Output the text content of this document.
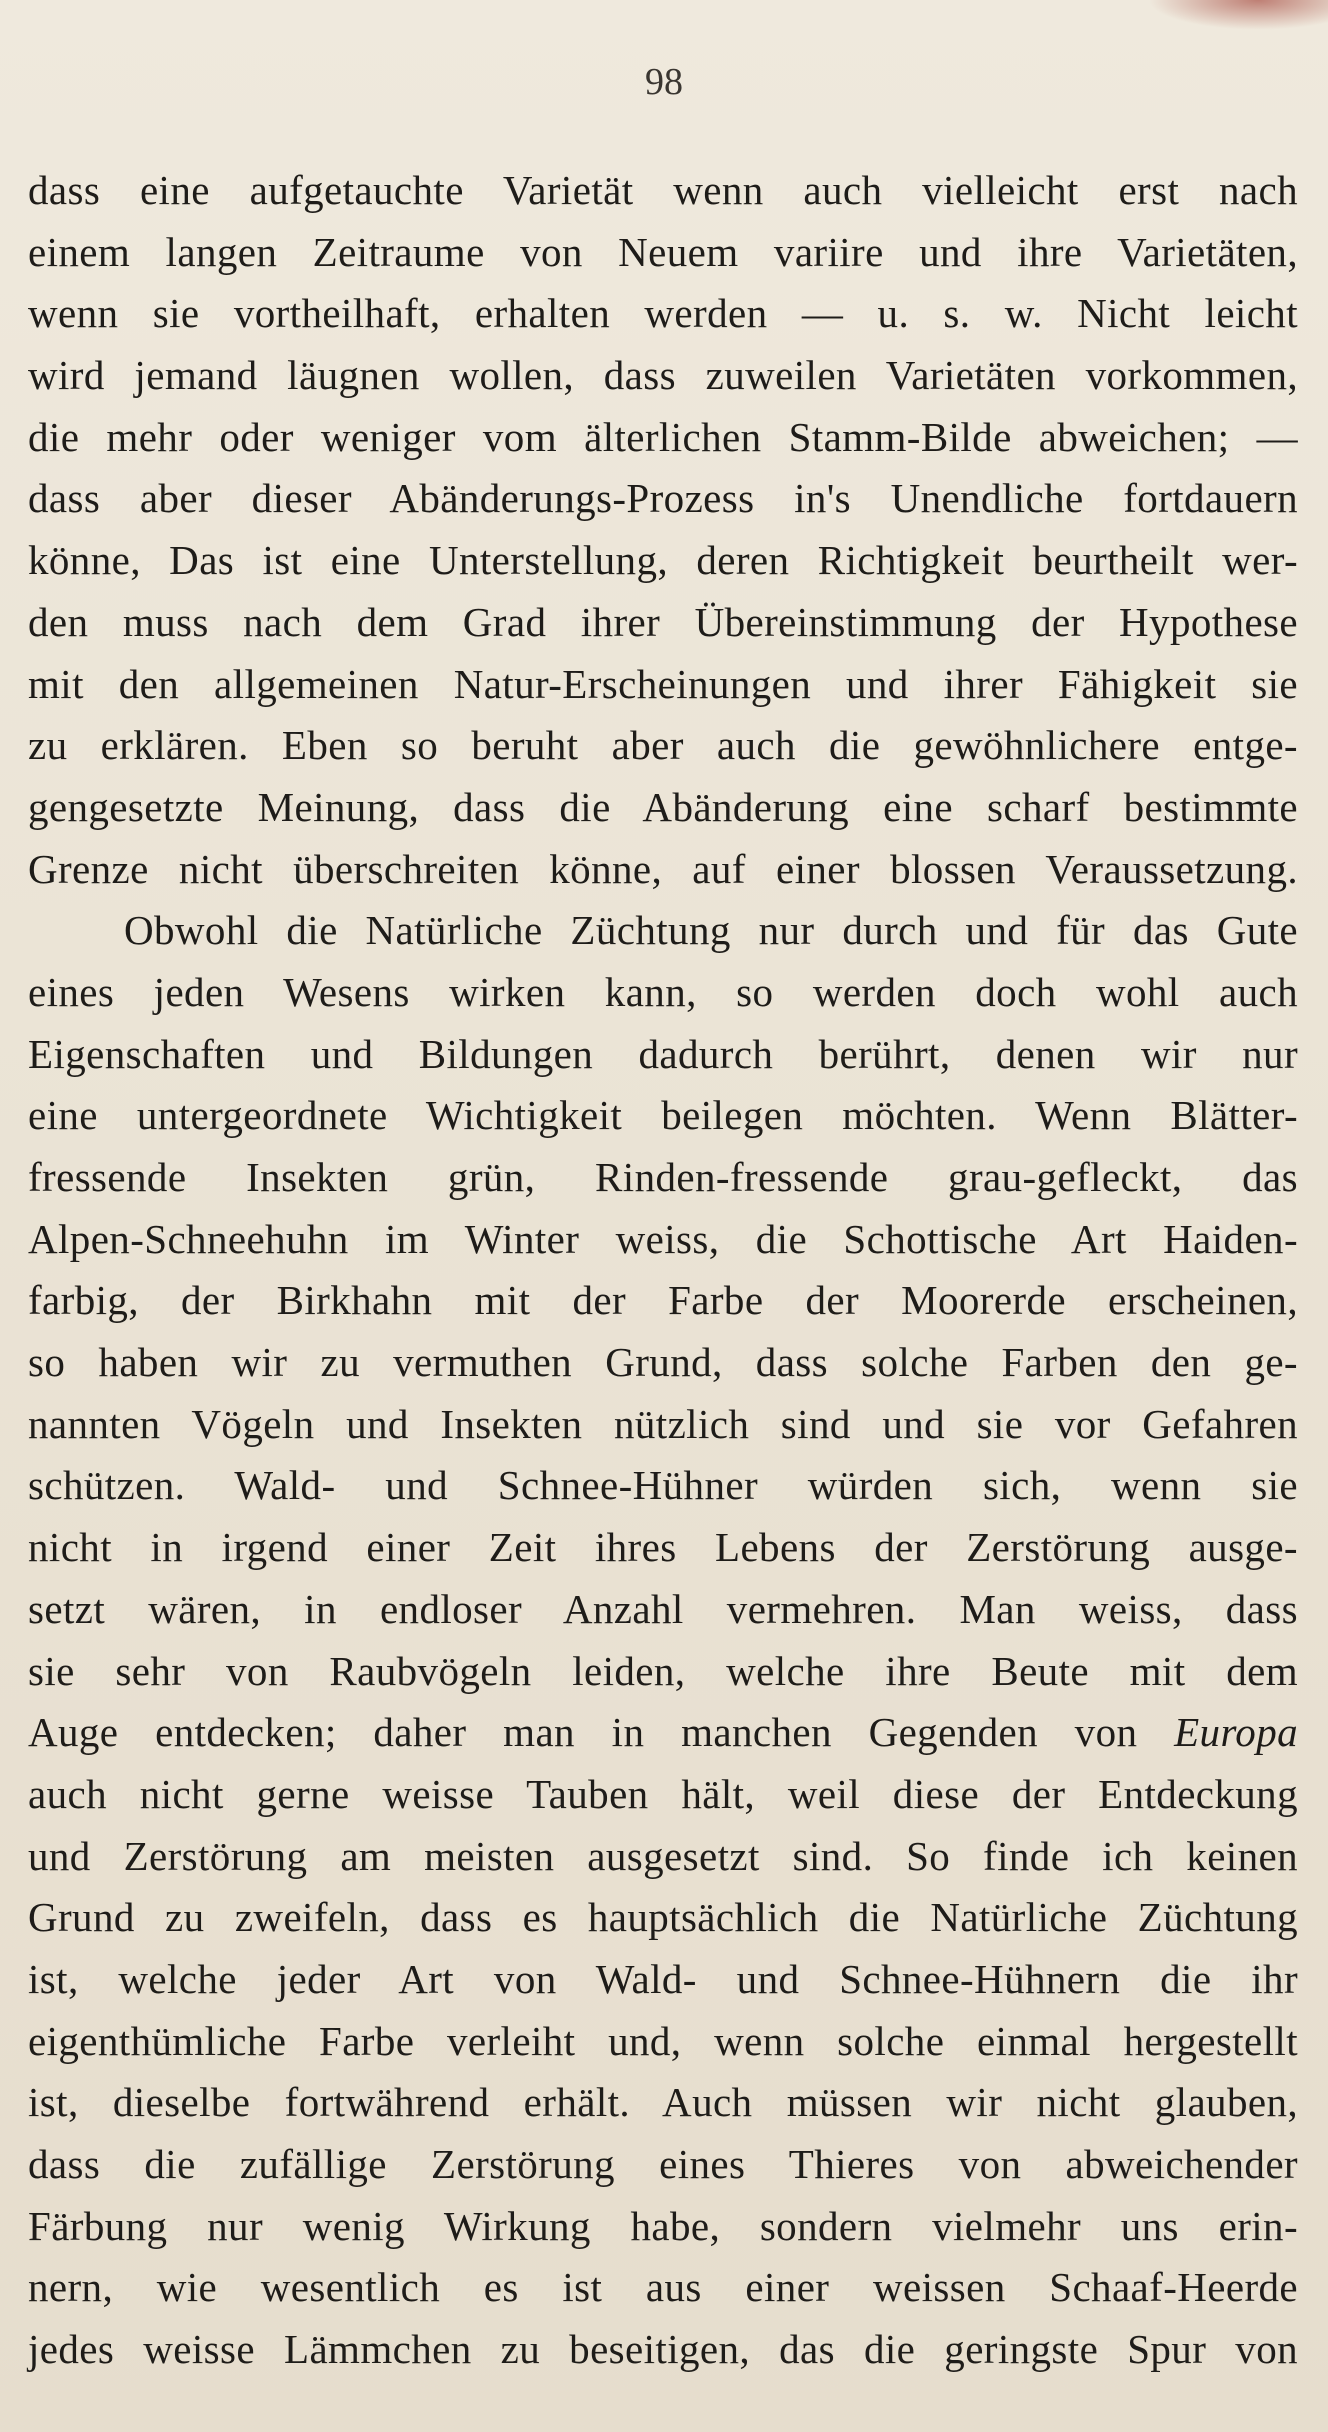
98
dass eine aufgetauchte Varietät wenn auch vielleicht erst nach
einem langen Zeitraume von Neuem variire und ihre Varietäten,
wenn sie vortheilhaft, erhalten werden — u. s. w. Nicht leicht
wird jemand läugnen wollen, dass zuweilen Varietäten vorkommen,
die mehr oder weniger vom älterlichen Stamm-Bilde abweichen; —
dass aber dieser Abänderungs-Prozess in's Unendliche fortdauern
könne, Das ist eine Unterstellung, deren Richtigkeit beurtheilt wer-
den muss nach dem Grad ihrer Übereinstimmung der Hypothese
mit den allgemeinen Natur-Erscheinungen und ihrer Fähigkeit sie
zu erklären. Eben so beruht aber auch die gewöhnlichere entge-
gengesetzte Meinung, dass die Abänderung eine scharf bestimmte
Grenze nicht überschreiten könne, auf einer blossen Veraussetzung.
Obwohl die Natürliche Züchtung nur durch und für das Gute
eines jeden Wesens wirken kann, so werden doch wohl auch
Eigenschaften und Bildungen dadurch berührt, denen wir nur
eine untergeordnete Wichtigkeit beilegen möchten. Wenn Blätter-
fressende Insekten grün, Rinden-fressende grau-gefleckt, das
Alpen-Schneehuhn im Winter weiss, die Schottische Art Haiden-
farbig, der Birkhahn mit der Farbe der Moorerde erscheinen,
so haben wir zu vermuthen Grund, dass solche Farben den ge-
nannten Vögeln und Insekten nützlich sind und sie vor Gefahren
schützen. Wald- und Schnee-Hühner würden sich, wenn sie
nicht in irgend einer Zeit ihres Lebens der Zerstörung ausge-
setzt wären, in endloser Anzahl vermehren. Man weiss, dass
sie sehr von Raubvögeln leiden, welche ihre Beute mit dem
Auge entdecken; daher man in manchen Gegenden von Europa
auch nicht gerne weisse Tauben hält, weil diese der Entdeckung
und Zerstörung am meisten ausgesetzt sind. So finde ich keinen
Grund zu zweifeln, dass es hauptsächlich die Natürliche Züchtung
ist, welche jeder Art von Wald- und Schnee-Hühnern die ihr
eigenthümliche Farbe verleiht und, wenn solche einmal hergestellt
ist, dieselbe fortwährend erhält. Auch müssen wir nicht glauben,
dass die zufällige Zerstörung eines Thieres von abweichender
Färbung nur wenig Wirkung habe, sondern vielmehr uns erin-
nern, wie wesentlich es ist aus einer weissen Schaaf-Heerde
jedes weisse Lämmchen zu beseitigen, das die geringste Spur von
